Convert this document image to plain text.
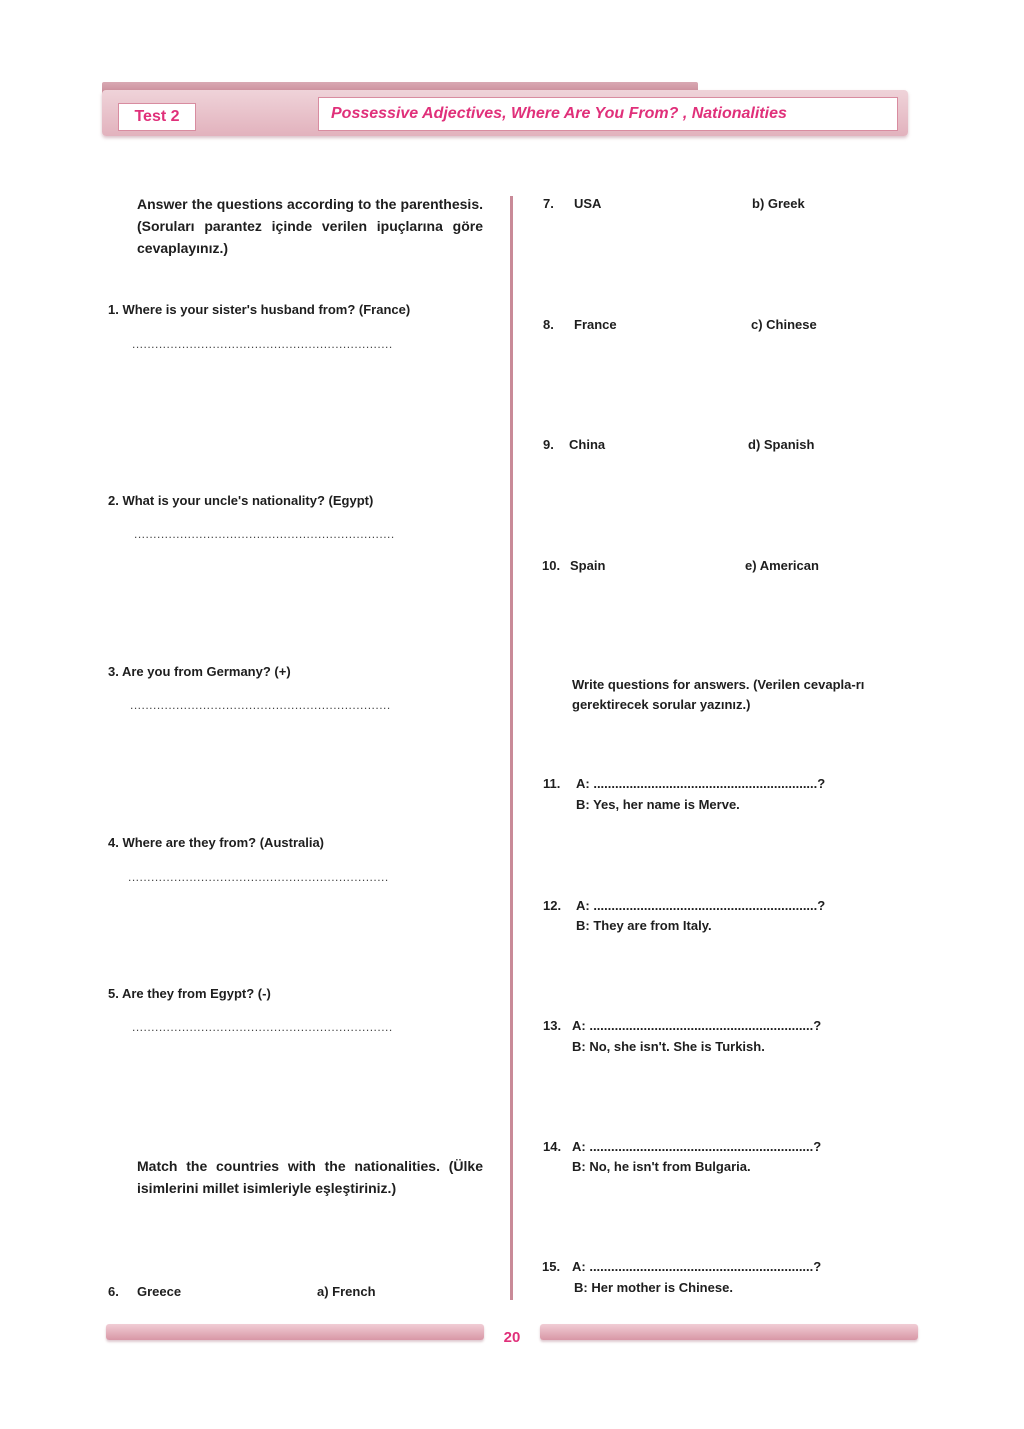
Test 2	Possessive Adjectives, Where Are You From? , Nationalities
Answer the questions according to the parenthesis. (Soruları parantez içinde verilen ipuçlarına göre cevaplayınız.)
1. Where is your sister's husband from? (France)
....................................................................
2. What is your uncle's nationality? (Egypt)
....................................................................
3. Are you from Germany? (+)
....................................................................
4. Where are they from? (Australia)
....................................................................
5. Are they from Egypt? (-)
....................................................................
Match the countries with the nationalities. (Ülke isimlerini millet isimleriyle eşleştiriniz.)
6. Greece	a) French
7. USA	b) Greek
8. France	c) Chinese
9. China	d) Spanish
10. Spain	e) American
Write questions for answers. (Verilen cevapla-rı gerektirecek sorular yazınız.)
11. A: ..............................................................?
B: Yes, her name is Merve.
12. A: ..............................................................?
B: They are from Italy.
13. A: ..............................................................?
B: No, she isn't. She is Turkish.
14. A: ..............................................................?
B: No, he isn't from Bulgaria.
15. A: ..............................................................?
B: Her mother is Chinese.
20
